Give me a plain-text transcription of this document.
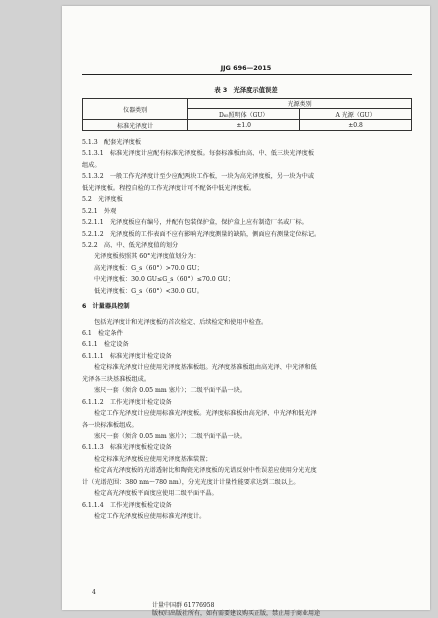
JJG 696—2015
表 3　光泽度示值误差
仪器类别	光源类别	
	D₆₅照明体（GU）	A 光源（GU）
标准光泽度计	±1.0	±0.8
5.1.3　配套光泽度板
5.1.3.1　标准光泽度计应配有标准光泽度板。每套标准板由高、中、低三块光泽度板
组成。
5.1.3.2　一般工作光泽度计至少应配两块工作板，一块为高光泽度板，另一块为中或
低光泽度板。程控自检的工作光泽度计可不配备中低光泽度板。
5.2　光泽度板
5.2.1　外观
5.2.1.1　光泽度板应有编号，并配有包装保护盒，保护盒上应有制造厂名或厂标。
5.2.1.2　光泽度板的工作表面不应有影响光泽度测量的缺陷，侧面应有测量定位标记。
5.2.2　高、中、低光泽度值的划分
光泽度板按照其 60°光泽度值划分为：
高光泽度板：G_s（60°）>70.0 GU；
中光泽度板：30.0 GU≤G_s（60°）≤70.0 GU；
低光泽度板：G_s（60°）<30.0 GU。
6　计量器具控制
包括光泽度计和光泽度板的首次检定、后续检定和使用中检查。
6.1　检定条件
6.1.1　检定设备
6.1.1.1　标准光泽度计检定设备
检定标准光泽度计应使用光泽度基准板组。光泽度基准板组由高光泽、中光泽和低
光泽各三块基准板组成。
塞尺一套（须含 0.05 mm 塞片）；二级平面平晶一块。
6.1.1.2　工作光泽度计检定设备
检定工作光泽度计应使用标准光泽度板。光泽度标准板由高光泽、中光泽和低光泽
各一块标准板组成。
塞尺一套（须含 0.05 mm 塞片）；二级平面平晶一块。
6.1.1.3　标准光泽度板检定设备
检定标准光泽度板应使用光泽度基准装置；
检定高光泽度板的光谱透射比和陶瓷光泽度板的光谱反射中性误差应使用分光光度
计（光谱范围：380 nm～780 nm），分光光度计计量性能要求达到二级以上。
检定高光泽度板平面度应使用二级平面平晶。
6.1.1.4　工作光泽度板检定设备
检定工作光泽度板应使用标准光泽度计。
4
计量中国群 61776958
版权归出版社所有，如有需要建议购买正版，禁止用于商业用途
